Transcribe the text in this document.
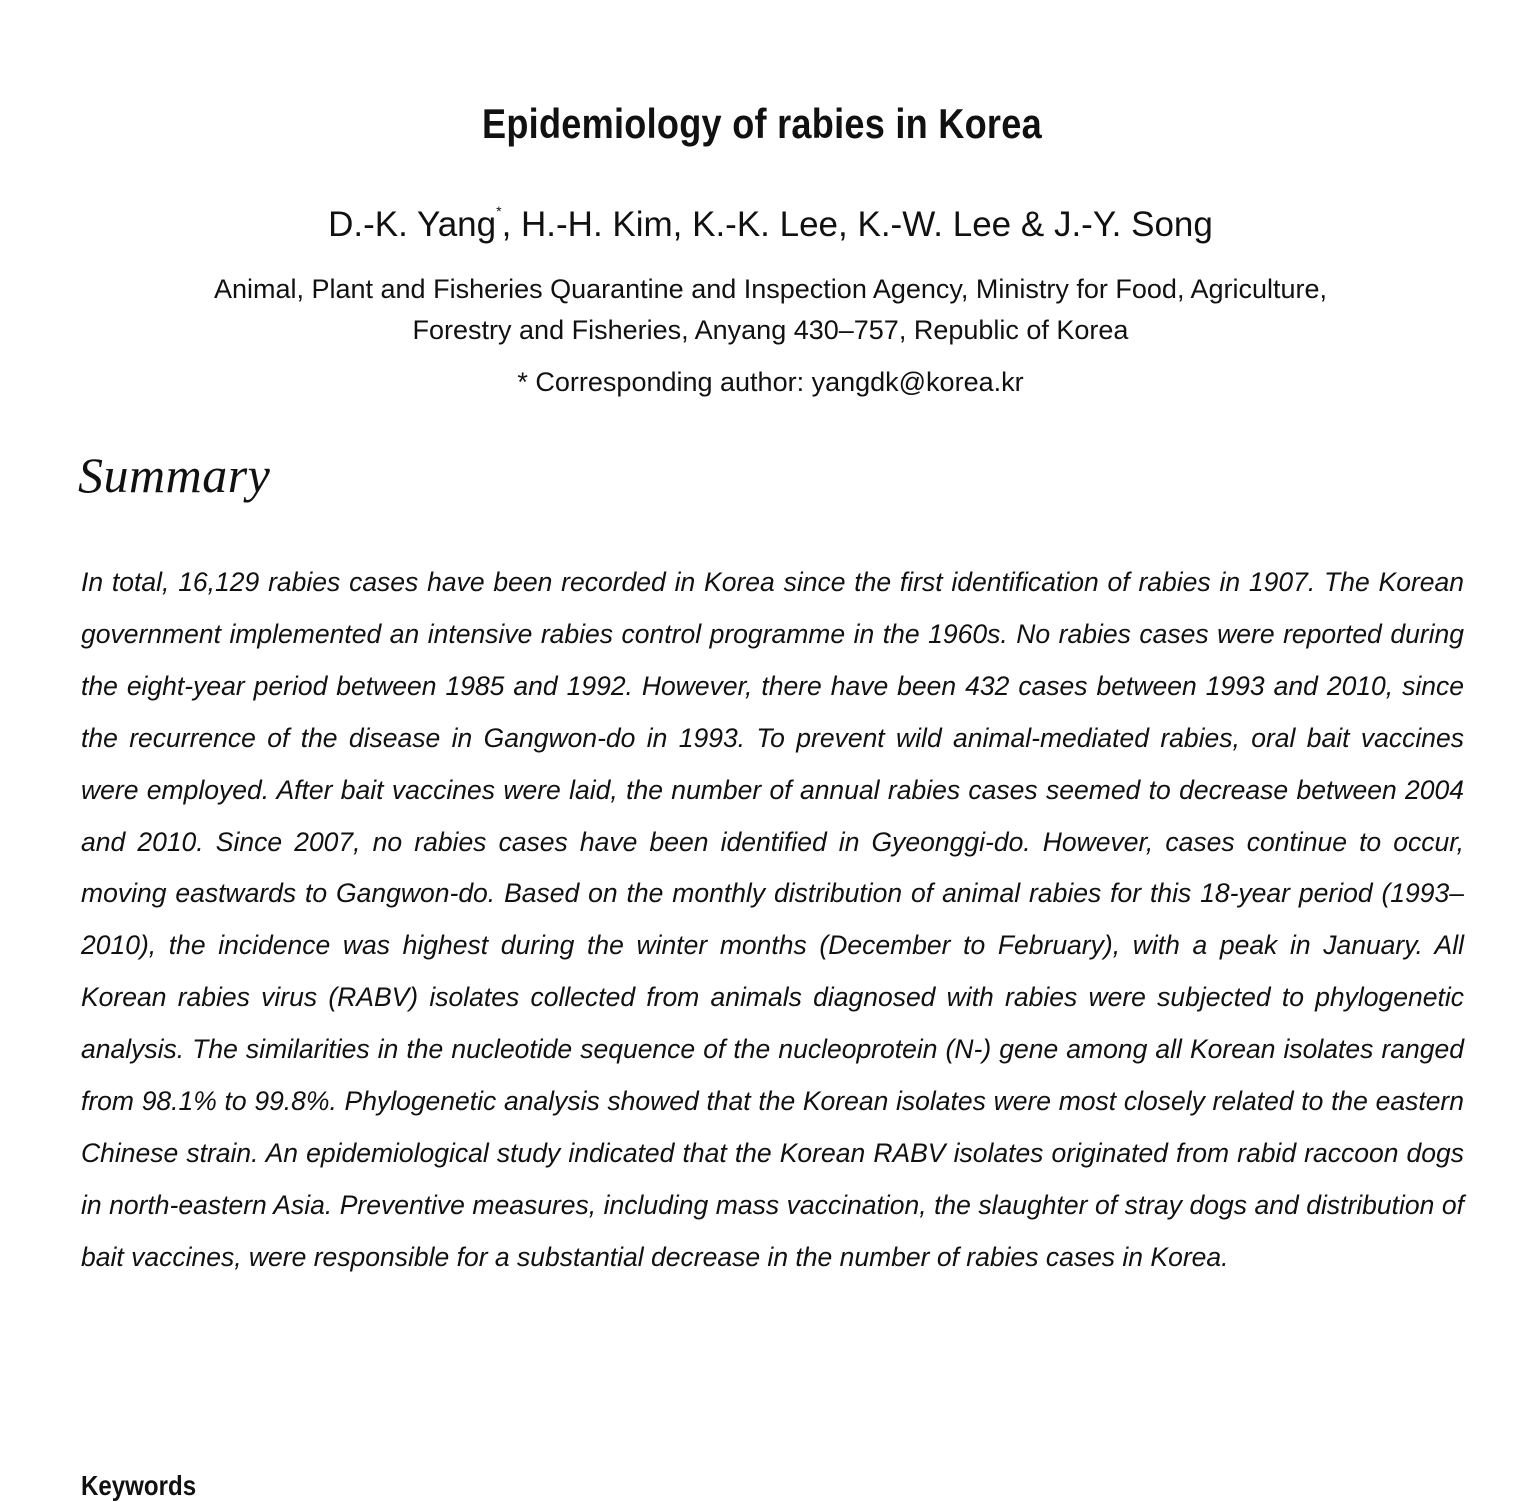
Epidemiology of rabies in Korea
D.-K. Yang*, H.-H. Kim, K.-K. Lee, K.-W. Lee & J.-Y. Song
Animal, Plant and Fisheries Quarantine and Inspection Agency, Ministry for Food, Agriculture,
Forestry and Fisheries, Anyang 430–757, Republic of Korea
* Corresponding author: yangdk@korea.kr
Summary
In total, 16,129 rabies cases have been recorded in Korea since the first identification of rabies in 1907. The Korean government implemented an intensive rabies control programme in the 1960s. No rabies cases were reported during the eight-year period between 1985 and 1992. However, there have been 432 cases between 1993 and 2010, since the recurrence of the disease in Gangwon-do in 1993. To prevent wild animal-mediated rabies, oral bait vaccines were employed. After bait vaccines were laid, the number of annual rabies cases seemed to decrease between 2004 and 2010. Since 2007, no rabies cases have been identified in Gyeonggi-do. However, cases continue to occur, moving eastwards to Gangwon-do. Based on the monthly distribution of animal rabies for this 18-year period (1993–2010), the incidence was highest during the winter months (December to February), with a peak in January. All Korean rabies virus (RABV) isolates collected from animals diagnosed with rabies were subjected to phylogenetic analysis. The similarities in the nucleotide sequence of the nucleoprotein (N-) gene among all Korean isolates ranged from 98.1% to 99.8%. Phylogenetic analysis showed that the Korean isolates were most closely related to the eastern Chinese strain. An epidemiological study indicated that the Korean RABV isolates originated from rabid raccoon dogs in north-eastern Asia. Preventive measures, including mass vaccination, the slaughter of stray dogs and distribution of bait vaccines, were responsible for a substantial decrease in the number of rabies cases in Korea.
Keywords
